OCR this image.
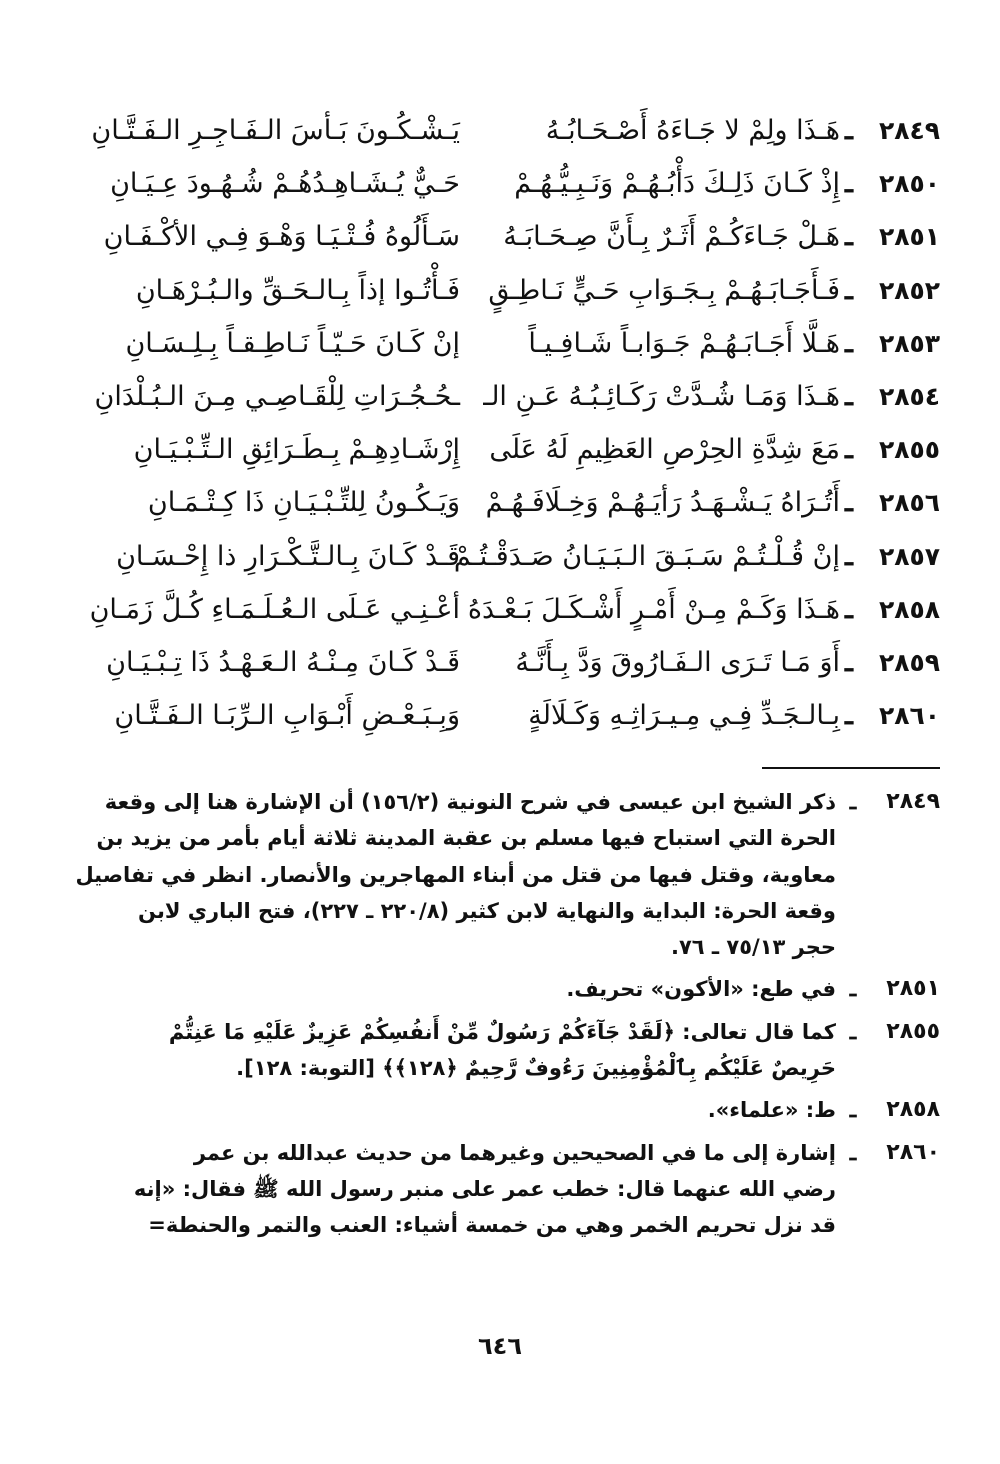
٢٨٤٩
ـ
هَـذَا ولِمْ لا جَـاءَهُ أَصْـحَـابُـهُ
يَـشْـكُـونَ بَـأسَ الـفَـاجِـرِ الـفَـتَّـانِ
٢٨٥٠
ـ
إِذْ كَـانَ ذَلِـكَ دَأْبُـهُـمْ وَنَـبِـيُّـهُـمْ
حَـيٌّ يُـشَـاهِـدُهُـمْ شُـهُـودَ عِـيَـانِ
٢٨٥١
ـ
هَـلْ جَـاءَكُـمْ أَثَـرٌ بِـأَنَّ صِـحَـابَـهُ
سَـأَلُوهُ فُـتْـيَـا وَهْـوَ فِـي الأكْـفَـانِ
٢٨٥٢
ـ
فَـأَجَـابَـهُـمْ بِـجَـوَابِ حَـيٍّ نَـاطِـقٍ
فَـأْتُـوا إذاً بِـالـحَـقِّ والـبُـرْهَـانِ
٢٨٥٣
ـ
هَـلَّا أَجَـابَـهُـمْ جَـوَابـاً شَـافِـيـاً
إنْ كَـانَ حَـيّـاً نَـاطِـقـاً بِـلِـسَـانِ
٢٨٥٤
ـ
هَـذَا وَمَـا شُـدَّتْ رَكَـائِـبُـهُ عَـنِ الـ
ـحُـجُـرَاتِ لِلْقَـاصِـي مِـنَ الـبُـلْدَانِ
٢٨٥٥
ـ
مَعَ شِدَّةِ الحِرْصِ العَظِيمِ لَهُ عَلَى
إِرْشَـادِهِـمْ بِـطَـرَائِقِ الـتِّـبْـيَـانِ
٢٨٥٦
ـ
أَتُـرَاهُ يَـشْـهَـدُ رَأيَـهُـمْ وَخِـلَافَـهُـمْ
وَيَـكُـونُ لِلتِّـبْـيَـانِ ذَا كِـتْـمَـانِ
٢٨٥٧
ـ
إنْ قُـلْـتُـمْ سَـبَـقَ الـبَـيَـانُ صَـدَقْـتُـمْ
قَـدْ كَـانَ بِـالـتَّـكْـرَارِ ذا إِحْـسَـانِ
٢٨٥٨
ـ
هَـذَا وَكَـمْ مِـنْ أَمْـرٍ أَشْـكَـلَ بَـعْـدَهُ
أعْـنِـي عَـلَى الـعُـلَـمَـاءِ كُـلَّ زَمَـانِ
٢٨٥٩
ـ
أَوَ مَـا تَـرَى الـفَـارُوقَ وَدَّ بِـأَنَّـهُ
قَـدْ كَـانَ مِـنْـهُ الـعَـهْـدُ ذَا تِـبْـيَـانِ
٢٨٦٠
ـ
بِـالـجَـدِّ فِـي مِـيـرَاثِـهِ وَكَـلَالَةٍ
وَبِـبَـعْـضِ أَبْـوَابِ الـرِّبَـا الـفَـتَّـانِ
٢٨٤٩
ـ
ذكر الشيخ ابن عيسى في شرح النونية (١٥٦/٢) أن الإشارة هنا إلى وقعة
الحرة التي استباح فيها مسلم بن عقبة المدينة ثلاثة أيام بأمر من يزيد بن
معاوية، وقتل فيها من قتل من أبناء المهاجرين والأنصار. انظر في تفاصيل
وقعة الحرة: البداية والنهاية لابن كثير (٢٢٠/٨ ـ ٢٢٧)، فتح الباري لابن
حجر ٧٥/١٣ ـ ٧٦.
٢٨٥١
ـ
في طع: «الأكون» تحريف.
٢٨٥٥
ـ
كما قال تعالى: ﴿لَقَدْ جَآءَكُمْ رَسُولٌ مِّنْ أَنفُسِكُمْ عَزِيزٌ عَلَيْهِ مَا عَنِتُّمْ
حَرِيصٌ عَلَيْكُم بِٱلْمُؤْمِنِينَ رَءُوفٌ رَّحِيمٌ ﴿١٢٨﴾﴾ [التوبة: ١٢٨].
٢٨٥٨
ـ
ط: «علماء».
٢٨٦٠
ـ
إشارة إلى ما في الصحيحين وغيرهما من حديث عبدالله بن عمر
رضي الله عنهما قال: خطب عمر على منبر رسول الله ﷺ فقال: «إنه
قد نزل تحريم الخمر وهي من خمسة أشياء: العنب والتمر والحنطة=
٦٤٦
